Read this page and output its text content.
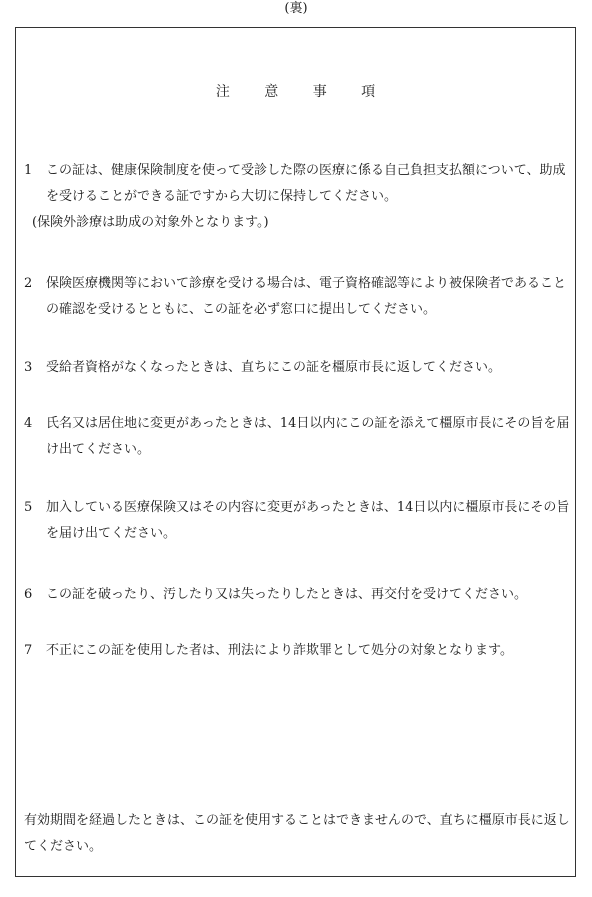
(裏)
注 意 事 項
1	この証は、健康保険制度を使って受診した際の医療に係る自己負担支払額について、助成を受けることができる証ですから大切に保持してください。
(保険外診療は助成の対象外となります。)
2	保険医療機関等において診療を受ける場合は、電子資格確認等により被保険者であることの確認を受けるとともに、この証を必ず窓口に提出してください。
3	受給者資格がなくなったときは、直ちにこの証を橿原市長に返してください。
4	氏名又は居住地に変更があったときは、14日以内にこの証を添えて橿原市長にその旨を届け出てください。
5	加入している医療保険又はその内容に変更があったときは、14日以内に橿原市長にその旨を届け出てください。
6	この証を破ったり、汚したり又は失ったりしたときは、再交付を受けてください。
7	不正にこの証を使用した者は、刑法により詐欺罪として処分の対象となります。
有効期間を経過したときは、この証を使用することはできませんので、直ちに橿原市長に返してください。
